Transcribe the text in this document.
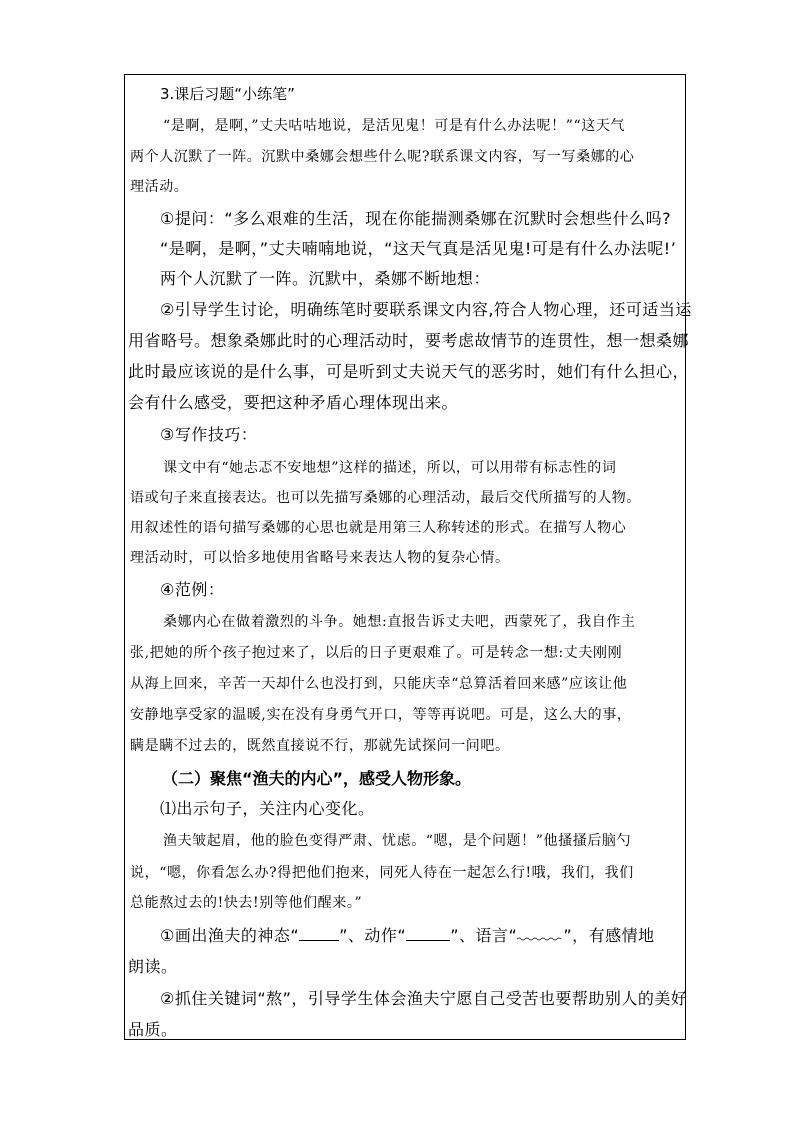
3.课后习题“小练笔”
“是啊，是啊，”丈夫咕咕地说，是活见鬼！可是有什么办法呢！”“这天气
两个人沉默了一阵。沉默中桑娜会想些什么呢?联系课文内容，写一写桑娜的心
理活动。
①提问：“多么艰难的生活，现在你能揣测桑娜在沉默时会想些什么吗?
“是啊，是啊，”丈夫喃喃地说，“这天气真是活见鬼!可是有什么办法呢!’
两个人沉默了一阵。沉默中，桑娜不断地想：
②引导学生讨论，明确练笔时要联系课文内容,符合人物心理，还可适当运
用省略号。想象桑娜此时的心理活动时，要考虑故情节的连贯性，想一想桑娜
此时最应该说的是什么事，可是听到丈夫说天气的恶劣时，她们有什么担心，
会有什么感受，要把这种矛盾心理体现出来。
③写作技巧：
课文中有“她忐忑不安地想”这样的描述，所以，可以用带有标志性的词
语或句子来直接表达。也可以先描写桑娜的心理活动，最后交代所描写的人物。
用叙述性的语句描写桑娜的心思也就是用第三人称转述的形式。在描写人物心
理活动时，可以恰多地使用省略号来表达人物的复杂心情。
④范例：
桑娜内心在做着激烈的斗争。她想:直报告诉丈夫吧，西蒙死了，我自作主
张,把她的所个孩子抱过来了，以后的日子更艰难了。可是转念一想:丈夫刚刚
从海上回来，辛苦一天却什么也没打到，只能庆幸“总算活着回来感”应该让他
安静地享受家的温暖,实在没有身勇气开口，等等再说吧。可是，这么大的事，
瞒是瞒不过去的，既然直接说不行，那就先试探问一问吧。
（二）聚焦“渔夫的内心”，感受人物形象。
⑴出示句子，关注内心变化。
渔夫皱起眉，他的脸色变得严肃、忧虑。“嗯，是个问题！”他搔搔后脑勺
说，“嗯，你看怎么办?得把他们抱来，同死人待在一起怎么行!哦，我们，我们
总能熬过去的!快去!别等他们醒来。”
①画出渔夫的神态“	”、动作“	”、语言“	”，有感情地
朗读。
②抓住关键词“熬”，引导学生体会渔夫宁愿自己受苦也要帮助别人的美好
品质。
